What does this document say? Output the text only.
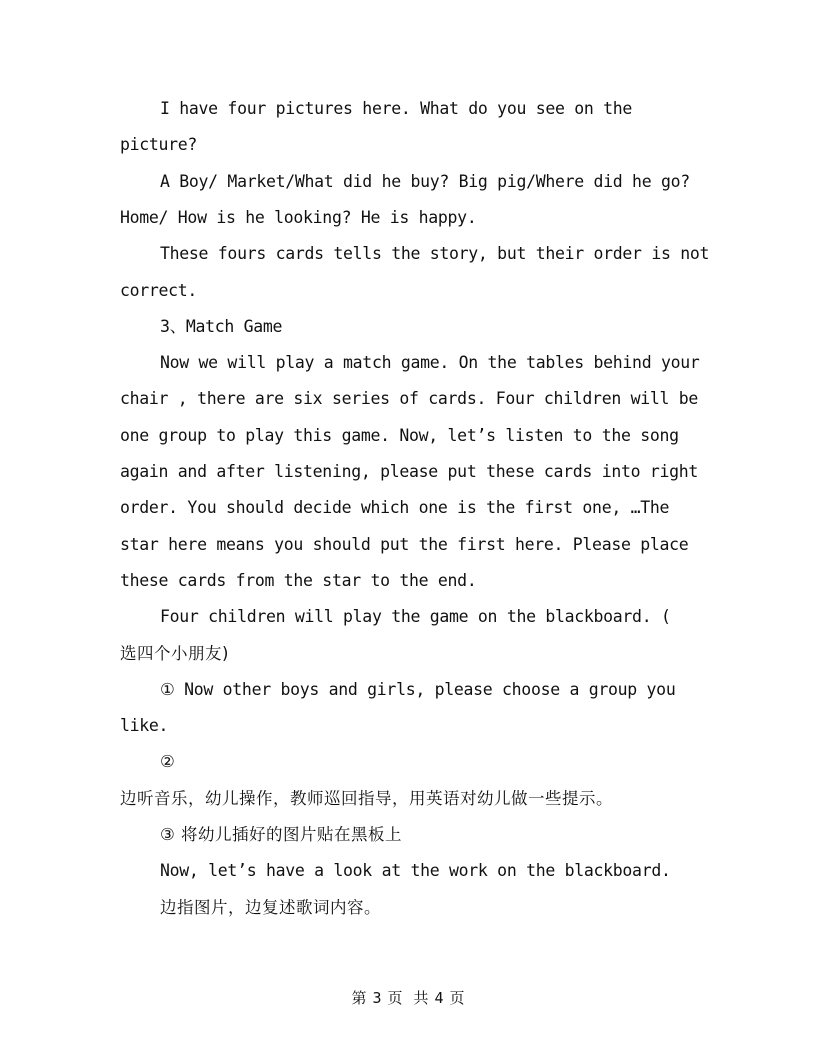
I have four pictures here. What do you see on the
picture?
A Boy/ Market/What did he buy? Big pig/Where did he go?
Home/ How is he looking? He is happy.
These fours cards tells the story, but their order is not
correct.
3、Match Game
Now we will play a match game. On the tables behind your
chair , there are six series of cards. Four children will be
one group to play this game. Now, let’s listen to the song
again and after listening, please put these cards into right
order. You should decide which one is the first one, …The
star here means you should put the first here. Please place
these cards from the star to the end.
Four children will play the game on the blackboard. (
选四个小朋友)
① Now other boys and girls, please choose a group you
like.
②
边听音乐，幼儿操作，教师巡回指导，用英语对幼儿做一些提示。
③ 将幼儿插好的图片贴在黑板上
Now, let’s have a look at the work on the blackboard.
边指图片，边复述歌词内容。
第 3 页 共 4 页
